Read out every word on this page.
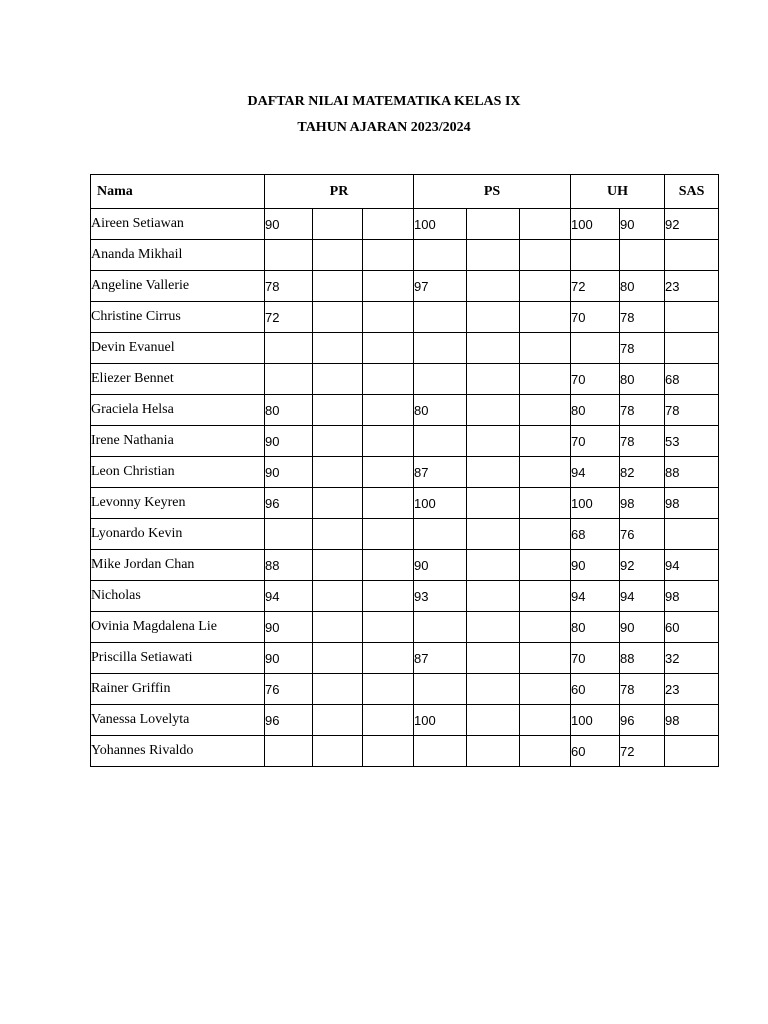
DAFTAR NILAI MATEMATIKA KELAS IX
TAHUN AJARAN 2023/2024
Nama	PR			PS			UH		SAS
Aireen Setiawan	90			100			100	90	92
Ananda Mikhail									
Angeline Vallerie	78			97			72	80	23
Christine Cirrus	72						70	78	
Devin Evanuel								78	
Eliezer Bennet							70	80	68
Graciela Helsa	80			80			80	78	78
Irene Nathania	90						70	78	53
Leon Christian	90			87			94	82	88
Levonny Keyren	96			100			100	98	98
Lyonardo Kevin							68	76	
Mike Jordan Chan	88			90			90	92	94
Nicholas	94			93			94	94	98
Ovinia Magdalena Lie	90						80	90	60
Priscilla Setiawati	90			87			70	88	32
Rainer Griffin	76						60	78	23
Vanessa Lovelyta	96			100			100	96	98
Yohannes Rivaldo							60	72	
